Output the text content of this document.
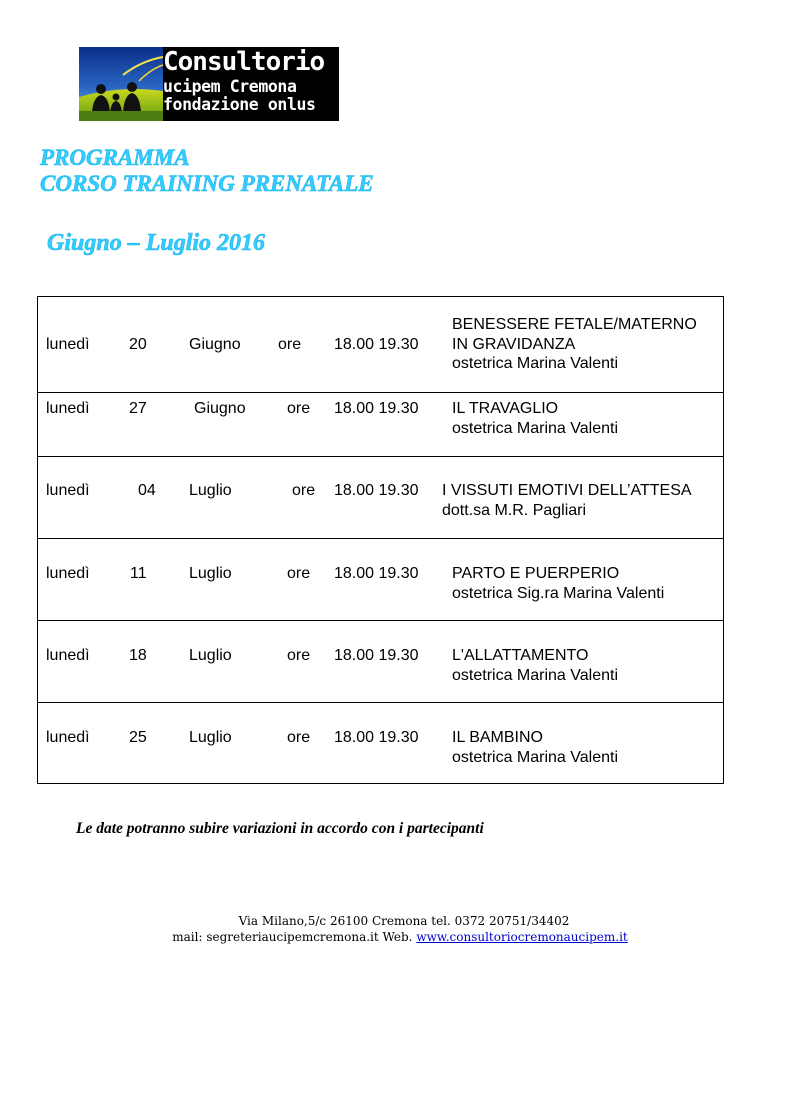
Consultorio
ucipem Cremona
fondazione onlus
PROGRAMMA
CORSO TRAINING PRENATALE
Giugno – Luglio 2016
lunedì 20	Giugno ore 18.00 19.30
BENESSERE FETALE/MATERNO
IN GRAVIDANZA
ostetrica Marina Valenti
lunedì 27	Giugno	ore 18.00 19.30 IL TRAVAGLIO
ostetrica Marina Valenti
lunedì	04 Luglio	ore 18.00 19.30 I VISSUTI EMOTIVI DELL’ATTESA
dott.sa M.R. Pagliari
lunedì	11	Luglio	ore 18.00 19.30 PARTO E PUERPERIO
ostetrica Sig.ra Marina Valenti
lunedì 18	Luglio	ore 18.00 19.30 L'ALLATTAMENTO
ostetrica Marina Valenti
lunedì 25	Luglio	ore 18.00 19.30 IL BAMBINO
ostetrica Marina Valenti
Le date potranno subire variazioni in accordo con i partecipanti
Via Milano,5/c 26100 Cremona tel. 0372 20751/34402
mail: segreteriaucipemcremona.it Web. www.consultoriocremonaucipem.it
